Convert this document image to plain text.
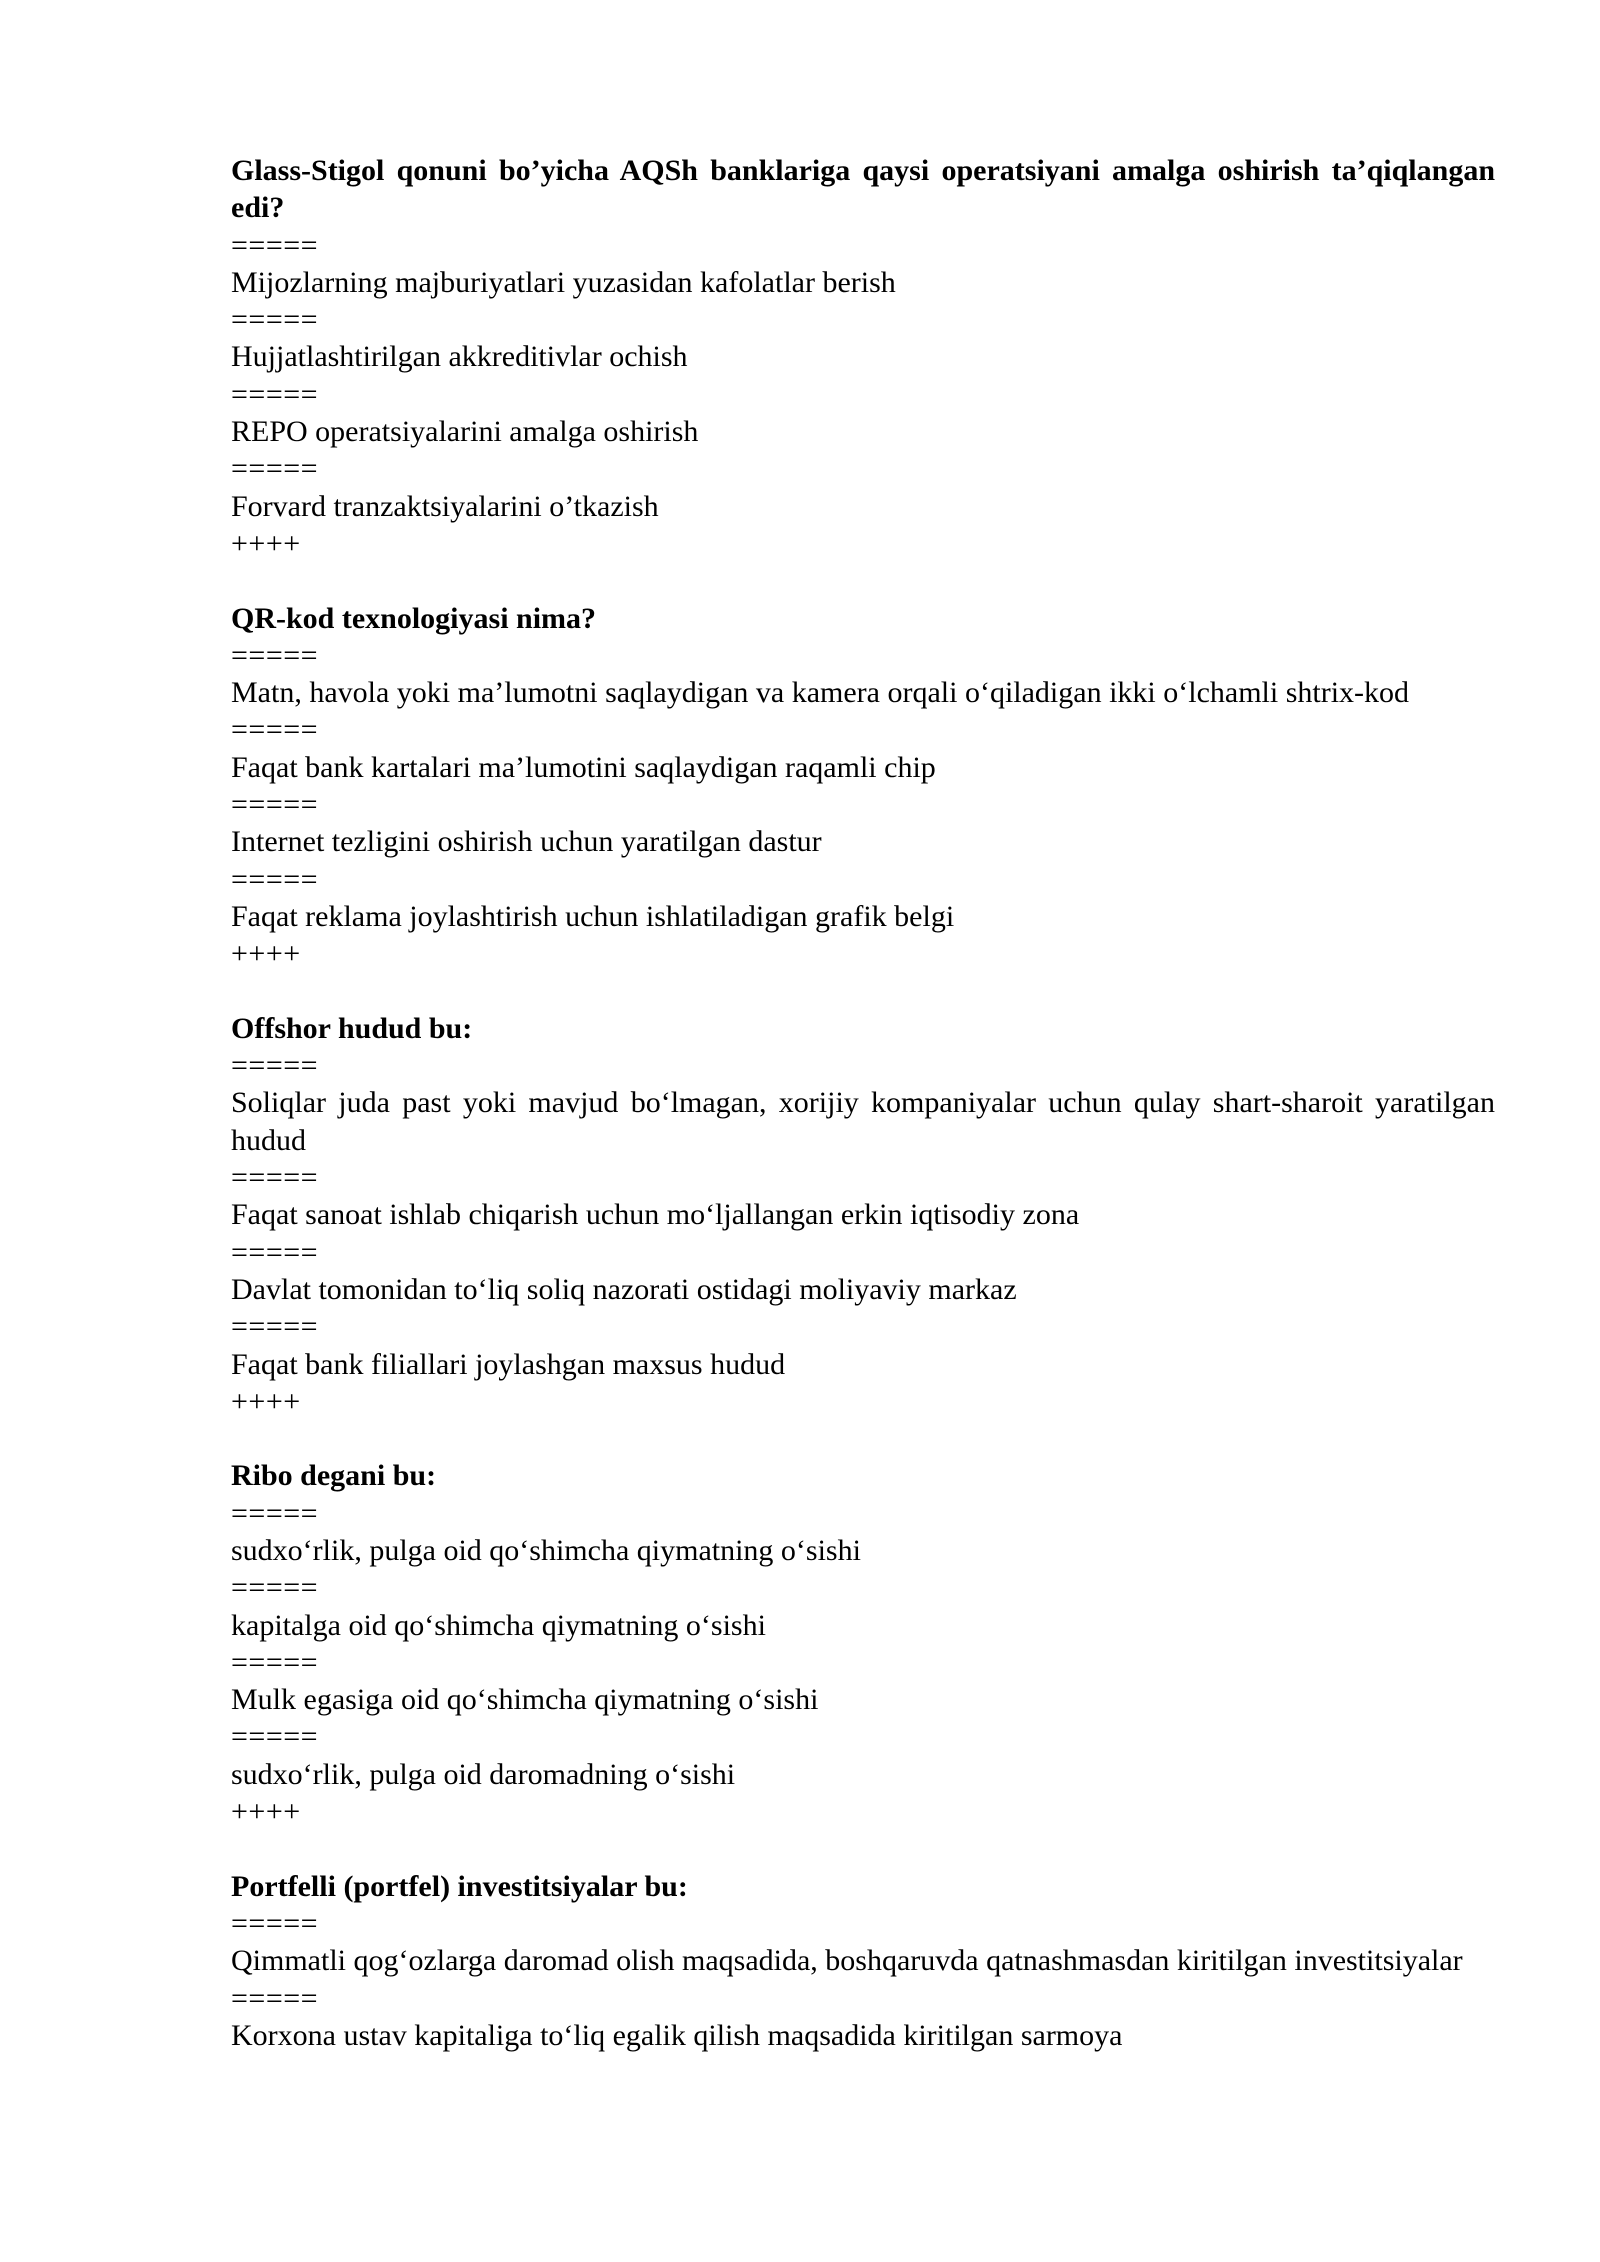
Glass-Stigol qonuni bo’yicha AQSh banklariga qaysi operatsiyani amalga oshirish ta’qiqlangan edi?

=====

Mijozlarning majburiyatlari yuzasidan kafolatlar berish

=====

Hujjatlashtirilgan akkreditivlar ochish

=====

REPO operatsiyalarini amalga oshirish

=====

Forvard tranzaktsiyalarini o’tkazish

++++

QR-kod texnologiyasi nima?

=====

Matn, havola yoki ma’lumotni saqlaydigan va kamera orqali oʻqiladigan ikki oʻlchamli shtrix-kod

=====

Faqat bank kartalari ma’lumotini saqlaydigan raqamli chip

=====

Internet tezligini oshirish uchun yaratilgan dastur

=====

Faqat reklama joylashtirish uchun ishlatiladigan grafik belgi

++++

Offshor hudud bu:

=====

Soliqlar juda past yoki mavjud boʻlmagan, xorijiy kompaniyalar uchun qulay shart-sharoit yaratilgan hudud

=====

Faqat sanoat ishlab chiqarish uchun moʻljallangan erkin iqtisodiy zona

=====

Davlat tomonidan toʻliq soliq nazorati ostidagi moliyaviy markaz

=====

Faqat bank filiallari joylashgan maxsus hudud

++++

Ribo degani bu:

=====

sudxoʻrlik, pulga oid qoʻshimcha qiymatning oʻsishi

=====

kapitalga oid qoʻshimcha qiymatning oʻsishi

=====

Mulk egasiga oid qoʻshimcha qiymatning oʻsishi

=====

sudxoʻrlik, pulga oid daromadning oʻsishi

++++

Portfelli (portfel) investitsiyalar bu:

=====

Qimmatli qogʻozlarga daromad olish maqsadida, boshqaruvda qatnashmasdan kiritilgan investitsiyalar

=====

Korxona ustav kapitaliga toʻliq egalik qilish maqsadida kiritilgan sarmoya
